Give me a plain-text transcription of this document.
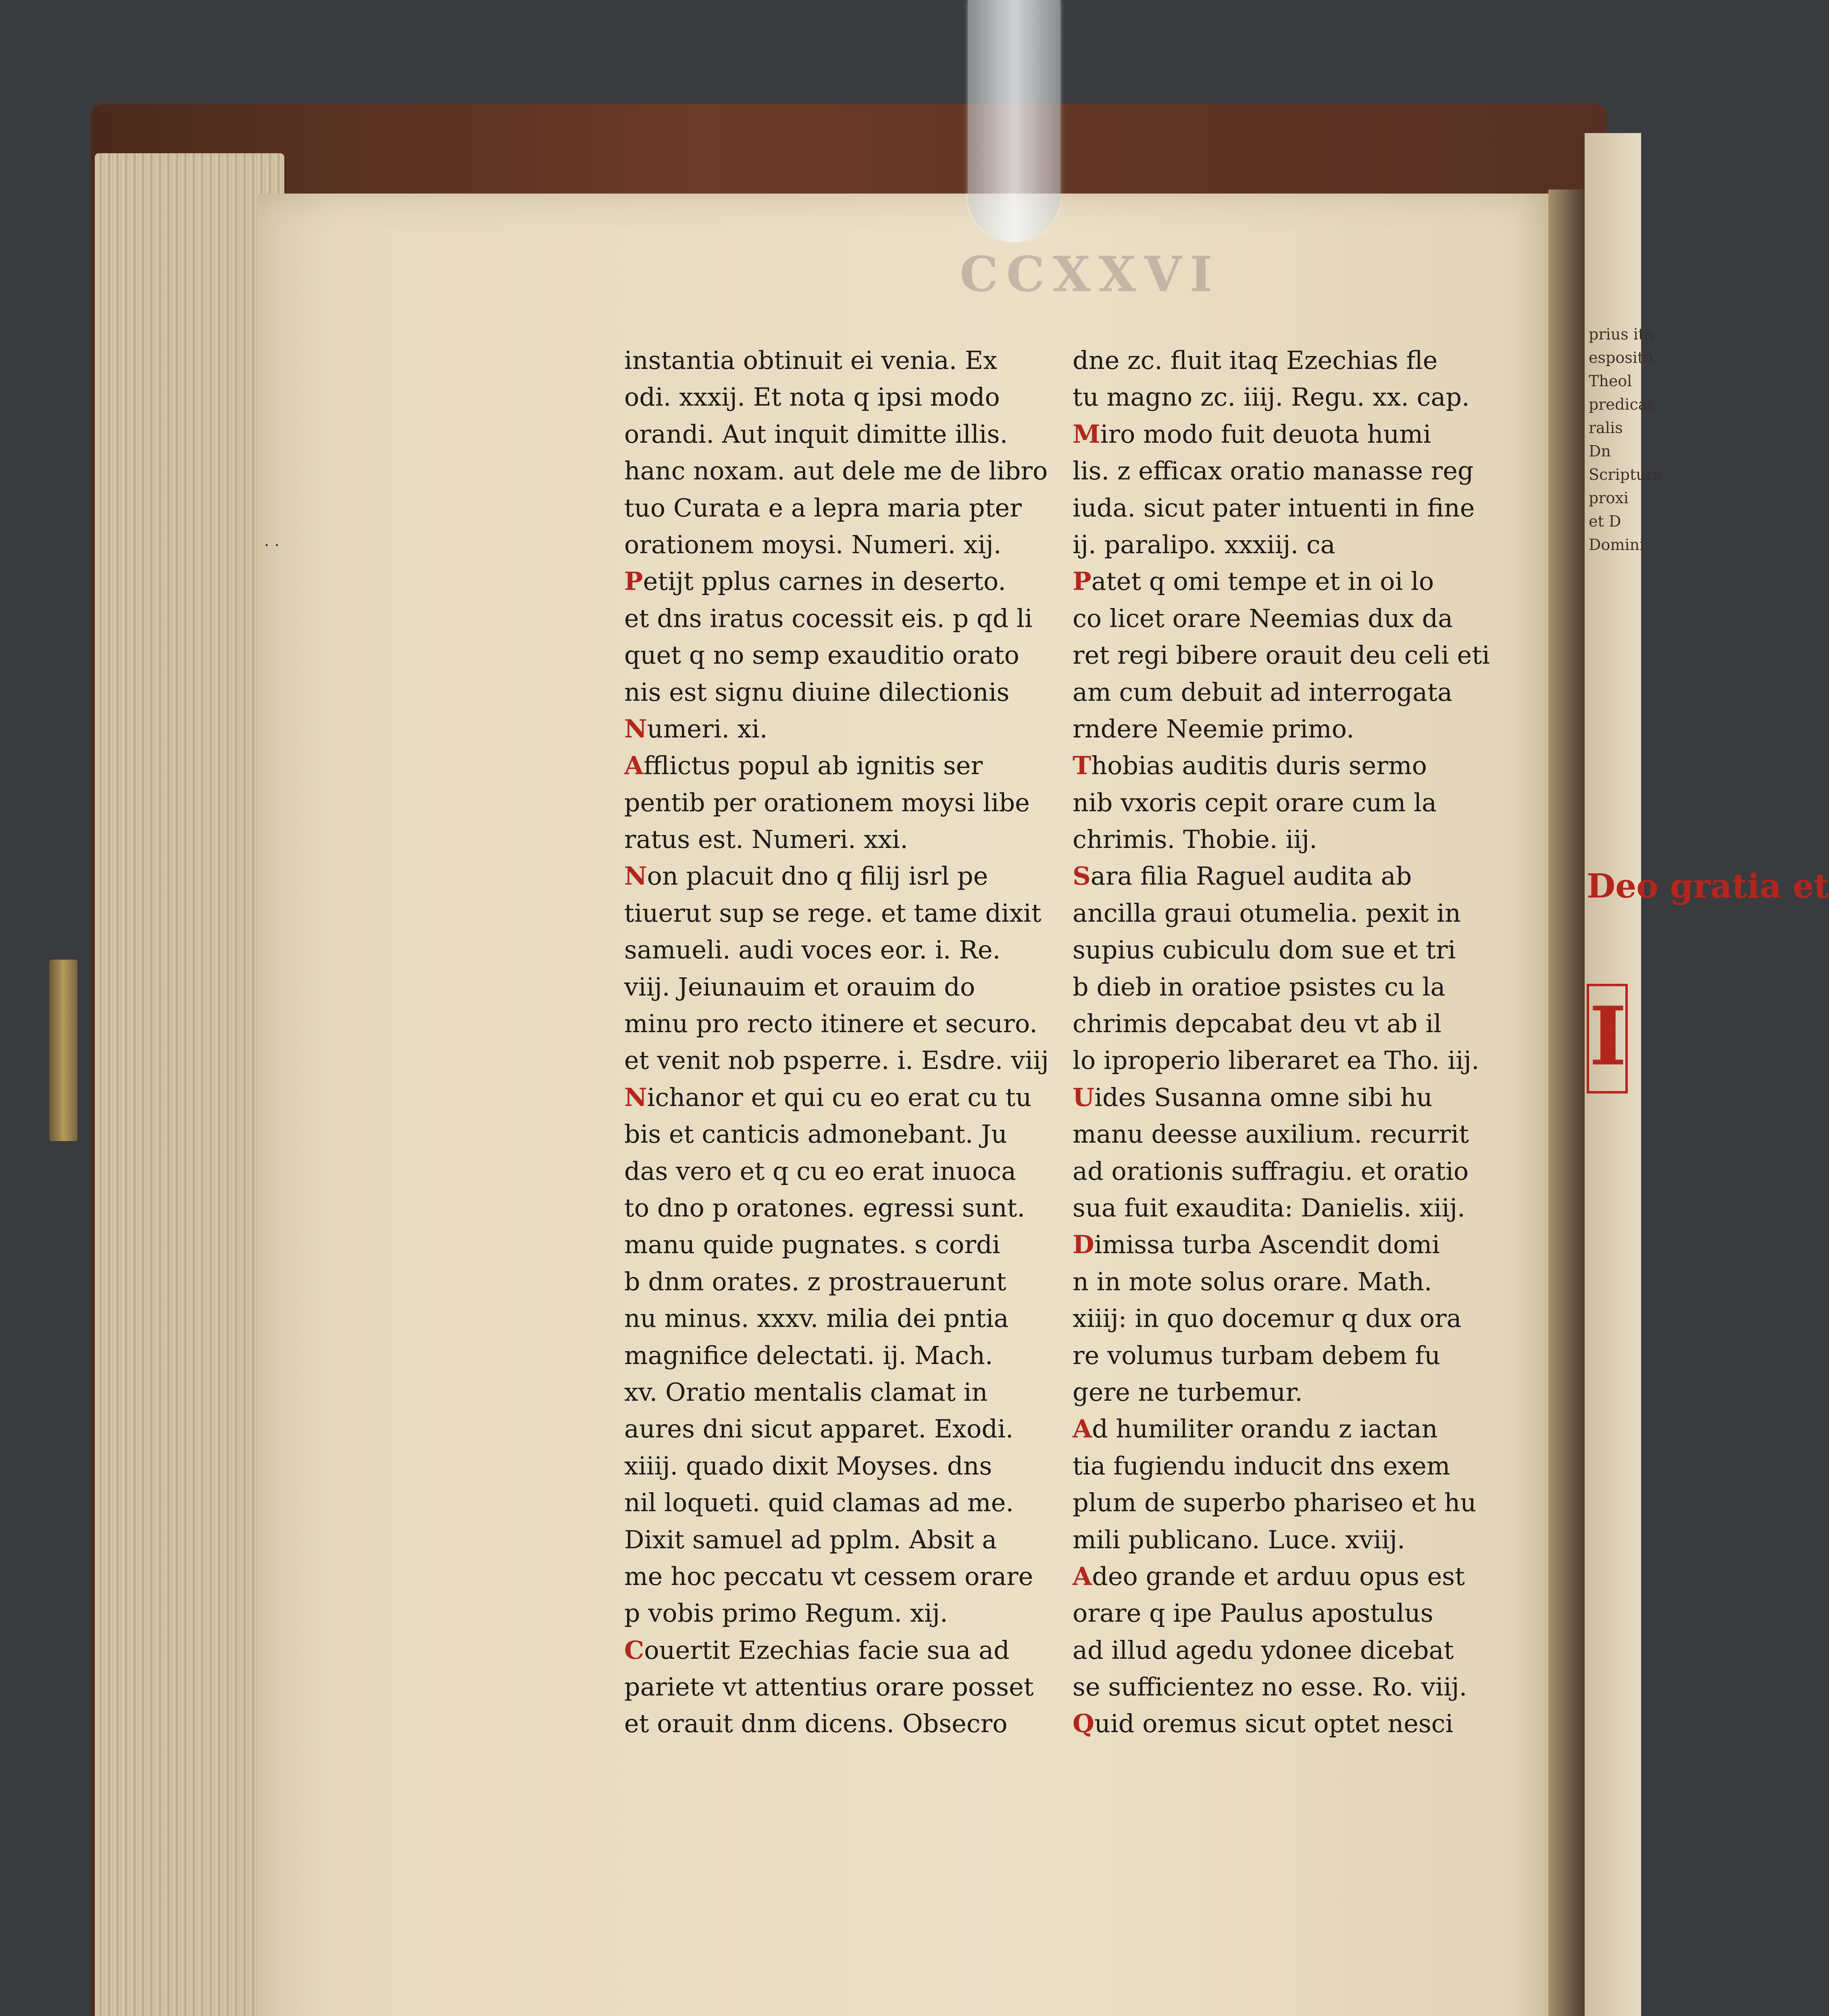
CCXXVI
· ·
instantia obtinuit ei venia. Ex
odi. xxxij. Et nota q ipsi modo
orandi. Aut inquit dimitte illis.
hanc noxam. aut dele me de libro
tuo Curata e a lepra maria pter
orationem moysi. Numeri. xij.
Petijt pplus carnes in deserto.
et dns iratus cocessit eis. p qd li
quet q no semp exauditio orato
nis est signu diuine dilectionis
Numeri. xi.
Afflictus popul ab ignitis ser
pentib per orationem moysi libe
ratus est. Numeri. xxi.
Non placuit dno q filij isrl pe
tiuerut sup se rege. et tame dixit
samueli. audi voces eor. i. Re.
viij. Jeiunauim et orauim do
minu pro recto itinere et securo.
et venit nob psperre. i. Esdre. viij
Nichanor et qui cu eo erat cu tu
bis et canticis admonebant. Ju
das vero et q cu eo erat inuoca
to dno p oratones. egressi sunt.
manu quide pugnates. s cordi
b dnm orates. z prostrauerunt
nu minus. xxxv. milia dei pntia
magnifice delectati. ij. Mach.
xv. Oratio mentalis clamat in
aures dni sicut apparet. Exodi.
xiiij. quado dixit Moyses. dns
nil loqueti. quid clamas ad me.
Dixit samuel ad pplm. Absit a
me hoc peccatu vt cessem orare
p vobis primo Regum. xij.
Couertit Ezechias facie sua ad
pariete vt attentius orare posset
et orauit dnm dicens. Obsecro
dne zc. fluit itaq Ezechias fle
tu magno zc. iiij. Regu. xx. cap.
Miro modo fuit deuota humi
lis. z efficax oratio manasse reg
iuda. sicut pater intuenti in fine
ij. paralipo. xxxiij. ca
Patet q omi tempe et in oi lo
co licet orare Neemias dux da
ret regi bibere orauit deu celi eti
am cum debuit ad interrogata
rndere Neemie primo.
Thobias auditis duris sermo
nib vxoris cepit orare cum la
chrimis. Thobie. iij.
Sara filia Raguel audita ab
ancilla graui otumelia. pexit in
supius cubiculu dom sue et tri
b dieb in oratioe psistes cu la
chrimis depcabat deu vt ab il
lo iproperio liberaret ea Tho. iij.
Uides Susanna omne sibi hu
manu deesse auxilium. recurrit
ad orationis suffragiu. et oratio
sua fuit exaudita: Danielis. xiij.
Dimissa turba Ascendit domi
n in mote solus orare. Math.
xiiij: in quo docemur q dux ora
re volumus turbam debem fu
gere ne turbemur.
Ad humiliter orandu z iactan
tia fugiendu inducit dns exem
plum de superbo phariseo et hu
mili publicano. Luce. xviij.
Adeo grande et arduu opus est
orare q ipe Paulus apostulus
ad illud agedu ydonee dicebat
se sufficientez no esse. Ro. viij.
Quid oremus sicut optet nesci
prius ita
esposito
Theol
predicat
ralis
Dn
Scriptura
proxi
et D
Domini
Deo gratia et
I
